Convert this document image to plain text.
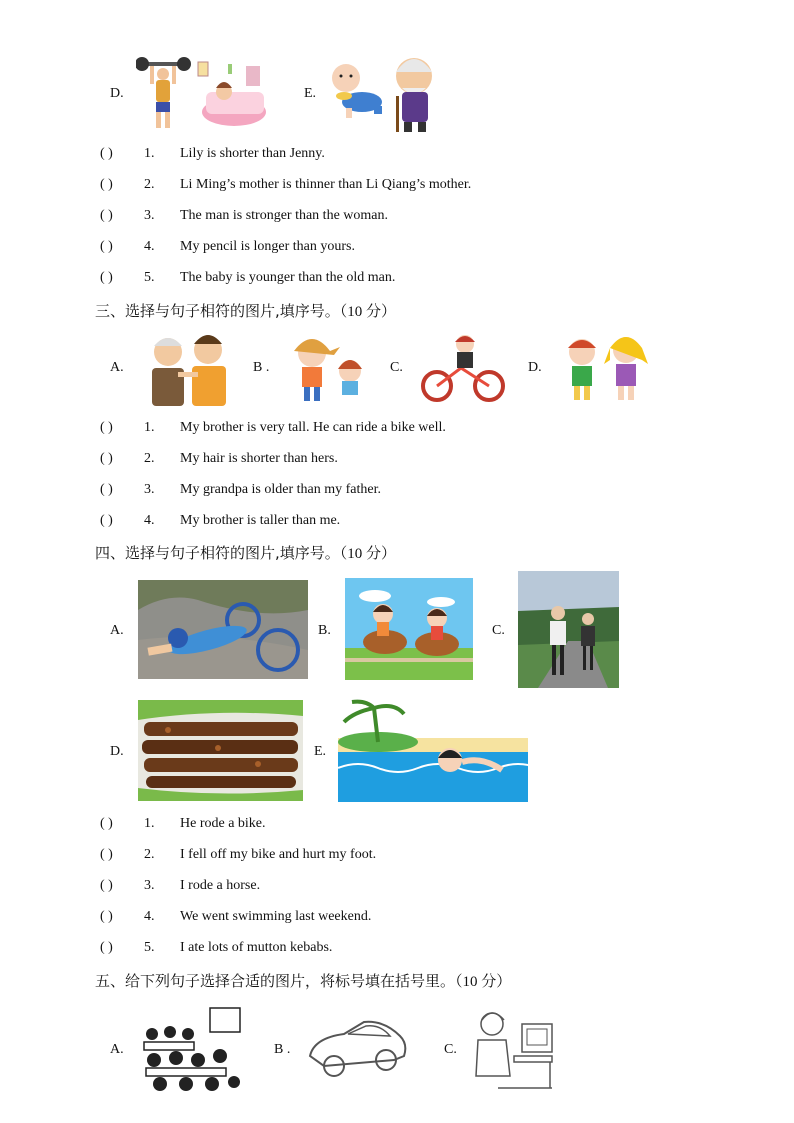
D.	E.
( ) 1. Lily is shorter than Jenny.
( ) 2. Li Ming’s mother is thinner than Li Qiang’s mother.
( ) 3. The man is stronger than the woman.
( ) 4. My pencil is longer than yours.
( ) 5. The baby is younger than the old man.
三、选择与句子相符的图片,填序号。（10 分）
A.	B .	C.	D.
( ) 1. My brother is very tall. He can ride a bike well.
( ) 2. My hair is shorter than hers.
( ) 3. My grandpa is older than my father.
( ) 4. My brother is taller than me.
四、选择与句子相符的图片,填序号。（10 分）
A.	B.	C.
D.	E.
( ) 1. He rode a bike.
( ) 2. I fell off my bike and hurt my foot.
( ) 3. I rode a horse.
( ) 4. We went swimming last weekend.
( ) 5. I ate lots of mutton kebabs.
五、给下列句子选择合适的图片，将标号填在括号里。（10 分）
A.	B .	C.
